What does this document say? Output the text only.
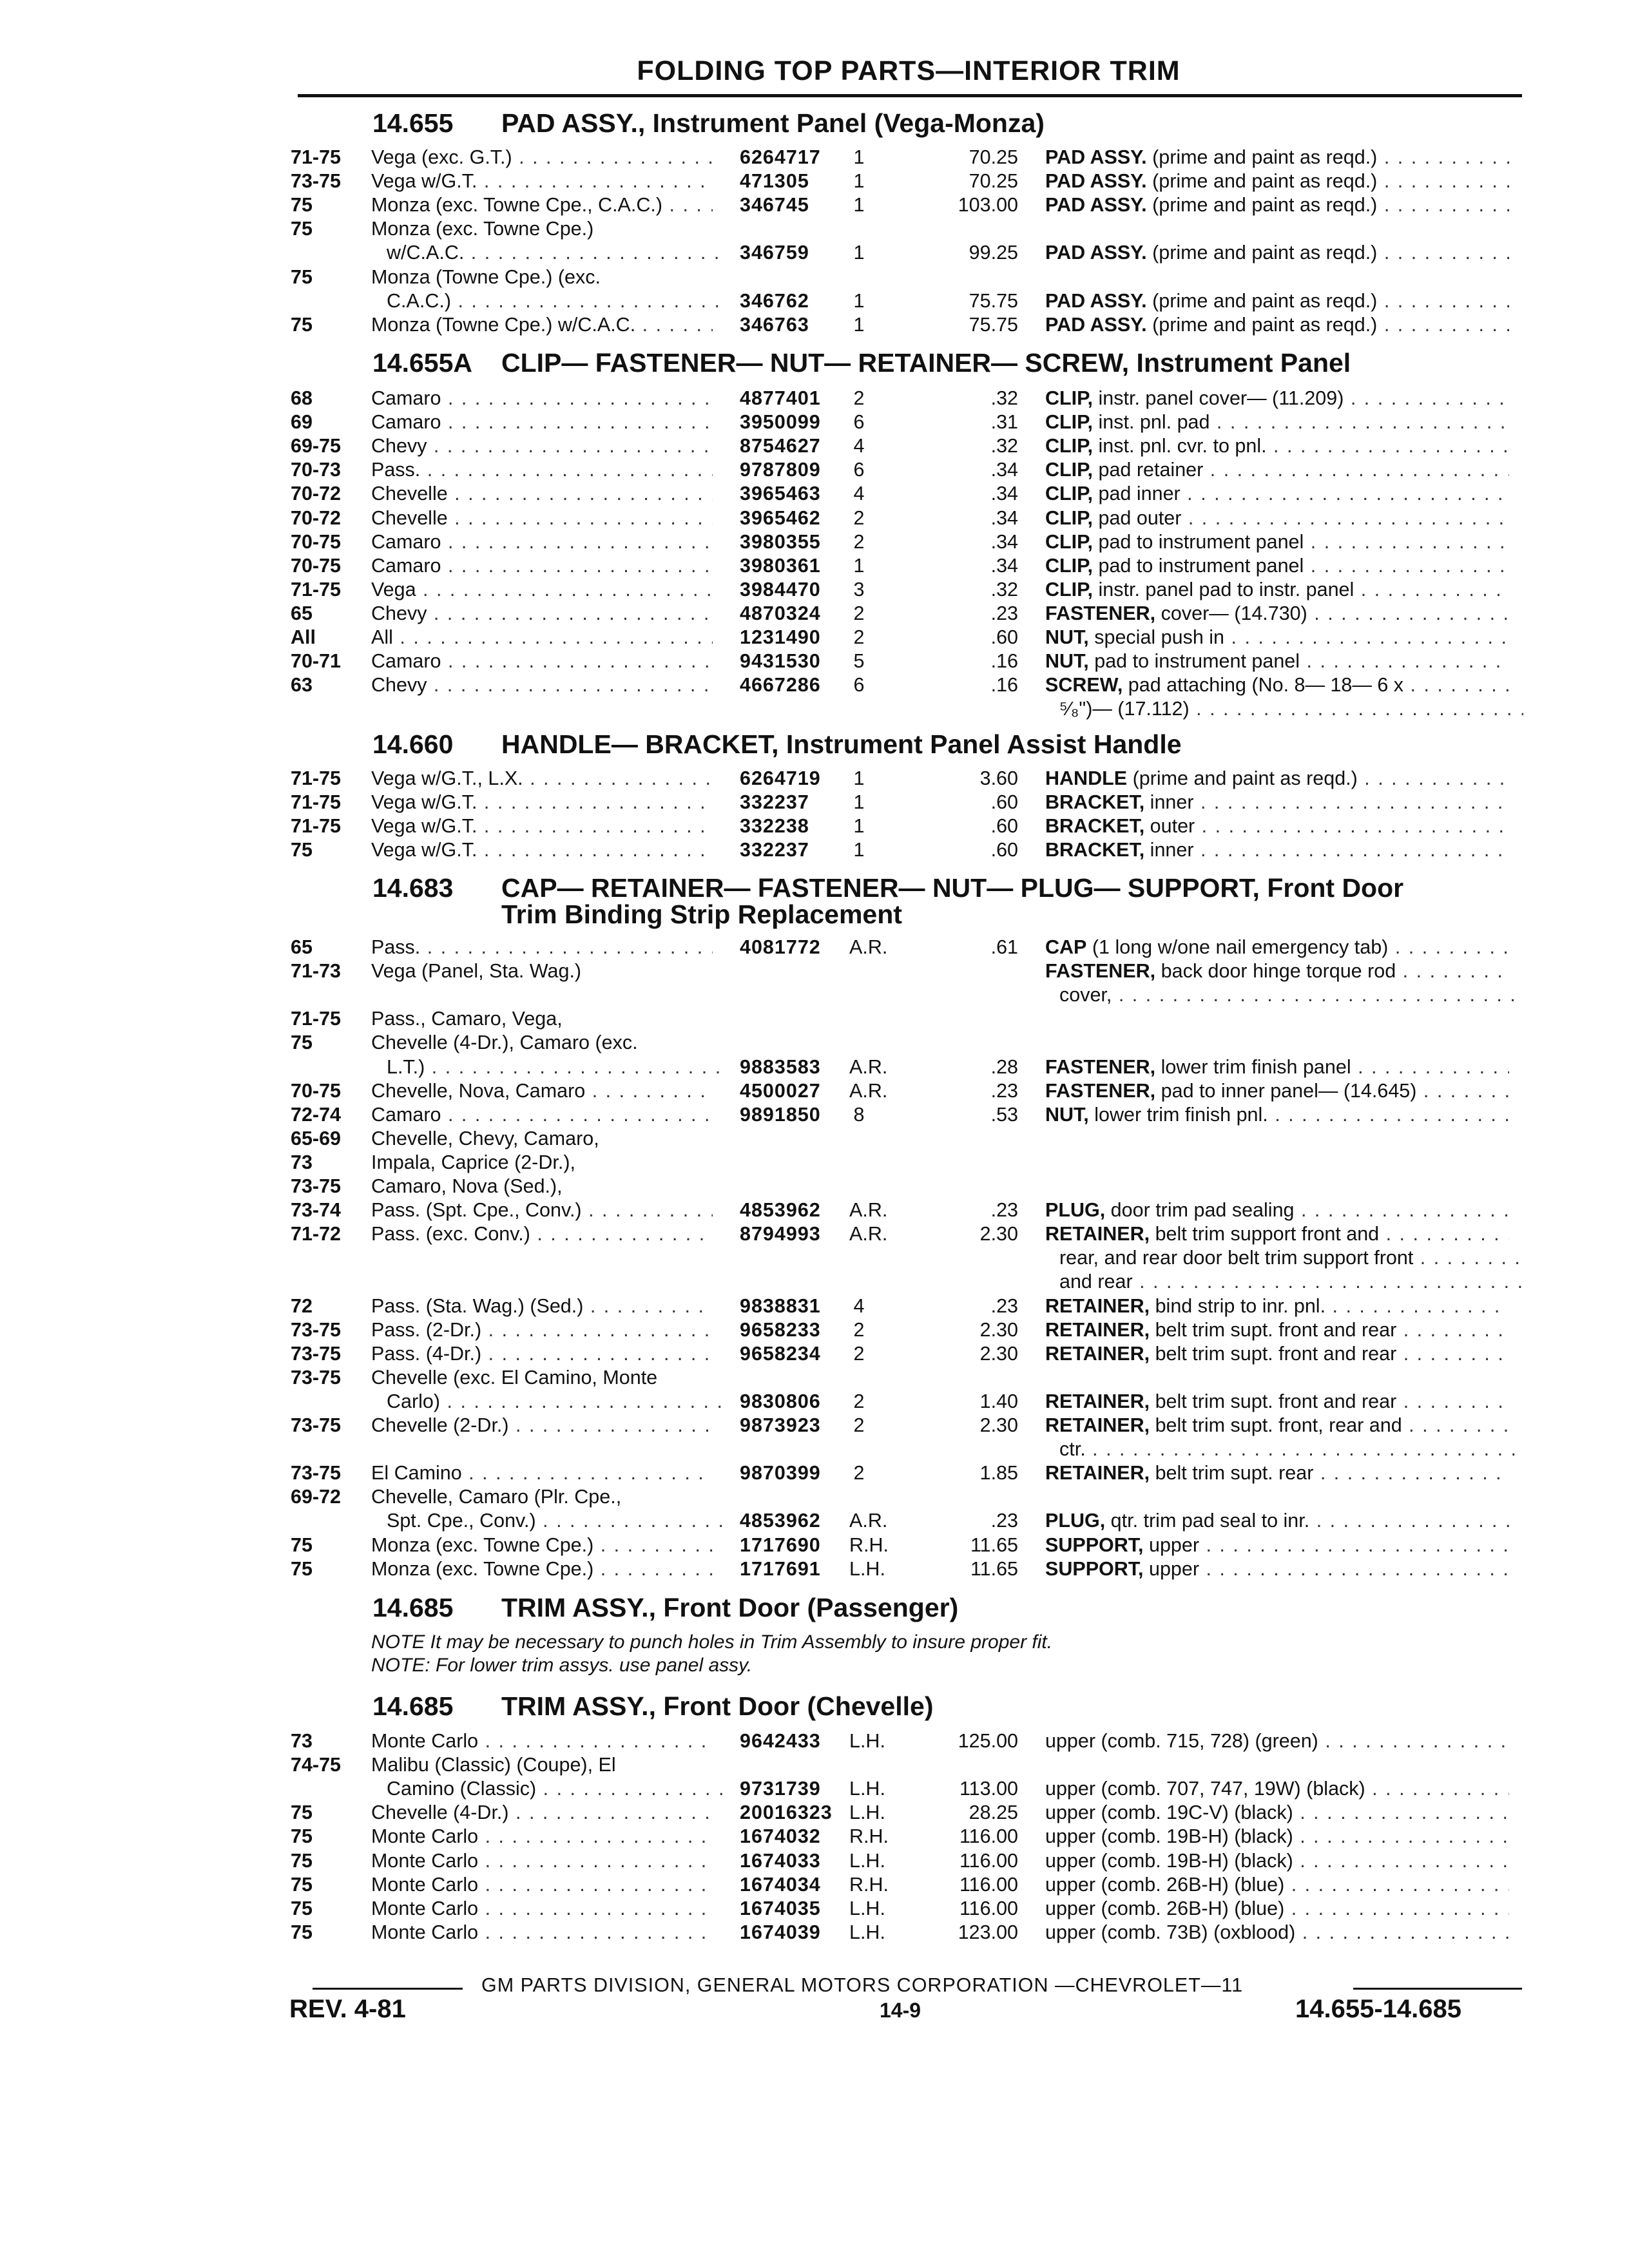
FOLDING TOP PARTS—INTERIOR TRIM
14.655 PAD ASSY., Instrument Panel (Vega-Monza)
71-75 Vega (exc. G.T.) . . .	6264717	1	70.25 PAD ASSY. (prime and paint as reqd.) . . .
73-75 Vega w/G.T. . . .	471305	1	70.25 PAD ASSY. (prime and paint as reqd.) . . .
75	Monza (exc. Towne Cpe., C.A.C.) . . .	346745	1	103.00 PAD ASSY. (prime and paint as reqd.) . . .
75	Monza (exc. Towne Cpe.)
w/C.A.C. . . .	346759	1	99.25 PAD ASSY. (prime and paint as reqd.) . . .
75	Monza (Towne Cpe.) (exc.
C.A.C.) . . .	346762	1	75.75 PAD ASSY. (prime and paint as reqd.) . . .
75	Monza (Towne Cpe.) w/C.A.C. . . .	346763	1	75.75 PAD ASSY. (prime and paint as reqd.) . . .
14.655A CLIP— FASTENER— NUT— RETAINER— SCREW, Instrument Panel
68	Camaro . . .	4877401	2	.32 CLIP, instr. panel cover— (11.209) . . .
69	Camaro . . .	3950099	6	.31 CLIP, inst. pnl. pad . . .
69-75 Chevy . . .	8754627	4	.32 CLIP, inst. pnl. cvr. to pnl. . . .
70-73 Pass. . . .	9787809	6	.34 CLIP, pad retainer . . .
70-72 Chevelle . . .	3965463	4	.34 CLIP, pad inner . . .
70-72 Chevelle . . .	3965462	2	.34 CLIP, pad outer . . .
70-75 Camaro . . .	3980355	2	.34 CLIP, pad to instrument panel . . .
70-75 Camaro . . .	3980361	1	.34 CLIP, pad to instrument panel . . .
71-75 Vega . . .	3984470	3	.32 CLIP, instr. panel pad to instr. panel . . .
65	Chevy . . .	4870324	2	.23 FASTENER, cover— (14.730) . . .
All	All . . .	1231490	2	.60 NUT, special push in . . .
70-71 Camaro . . .	9431530	5	.16 NUT, pad to instrument panel . . .
63	Chevy . . .	4667286	6	.16 SCREW, pad attaching (No. 8— 18— 6 x . . .
⁵⁄₈")— (17.112) . . .
14.660 HANDLE— BRACKET, Instrument Panel Assist Handle
71-75 Vega w/G.T., L.X. . . .	6264719	1	3.60 HANDLE (prime and paint as reqd.) . . .
71-75 Vega w/G.T. . . .	332237	1	.60 BRACKET, inner . . .
71-75 Vega w/G.T. . . .	332238	1	.60 BRACKET, outer . . .
75	Vega w/G.T. . . .	332237	1	.60 BRACKET, inner . . .
14.683 CAP— RETAINER— FASTENER— NUT— PLUG— SUPPORT, Front Door
Trim Binding Strip Replacement
65	Pass. . . .	4081772 A.R.	.61 CAP (1 long w/one nail emergency tab) . . .
71-73 Vega (Panel, Sta. Wag.)	FASTENER, back door hinge torque rod . . .
cover, . . .
71-75 Pass., Camaro, Vega,
75	Chevelle (4-Dr.), Camaro (exc.
L.T.) . . .	9883583 A.R.	.28 FASTENER, lower trim finish panel . . .
70-75 Chevelle, Nova, Camaro . . .	4500027 A.R.	.23 FASTENER, pad to inner panel— (14.645) . . .
72-74 Camaro . . .	9891850	8	.53 NUT, lower trim finish pnl. . . .
65-69 Chevelle, Chevy, Camaro,
73	Impala, Caprice (2-Dr.),
73-75 Camaro, Nova (Sed.),
73-74 Pass. (Spt. Cpe., Conv.) . . .	4853962 A.R.	.23 PLUG, door trim pad sealing . . .
71-72 Pass. (exc. Conv.) . . .	8794993 A.R.	2.30 RETAINER, belt trim support front and . . .
rear, and rear door belt trim support front . . .
and rear . . .
72	Pass. (Sta. Wag.) (Sed.) . . .	9838831	4	.23 RETAINER, bind strip to inr. pnl. . . .
73-75 Pass. (2-Dr.) . . .	9658233	2	2.30 RETAINER, belt trim supt. front and rear . . .
73-75 Pass. (4-Dr.) . . .	9658234	2	2.30 RETAINER, belt trim supt. front and rear . . .
73-75 Chevelle (exc. El Camino, Monte
Carlo) . . .	9830806	2	1.40 RETAINER, belt trim supt. front and rear . . .
73-75 Chevelle (2-Dr.) . . .	9873923	2	2.30 RETAINER, belt trim supt. front, rear and . . .
ctr. . . .
73-75 El Camino . . .	9870399	2	1.85 RETAINER, belt trim supt. rear . . .
69-72 Chevelle, Camaro (Plr. Cpe.,
Spt. Cpe., Conv.) . . .	4853962 A.R.	.23 PLUG, qtr. trim pad seal to inr. . . .
75	Monza (exc. Towne Cpe.) . . .	1717690 R.H.	11.65 SUPPORT, upper . . .
75	Monza (exc. Towne Cpe.) . . .	1717691 L.H.	11.65 SUPPORT, upper . . .
14.685 TRIM ASSY., Front Door (Passenger)
NOTE It may be necessary to punch holes in Trim Assembly to insure proper fit.
NOTE: For lower trim assys. use panel assy.
14.685 TRIM ASSY., Front Door (Chevelle)
73	Monte Carlo . . .	9642433 L.H.	125.00 upper (comb. 715, 728) (green) . . .
74-75 Malibu (Classic) (Coupe), El
Camino (Classic) . . .	9731739 L.H.	113.00 upper (comb. 707, 747, 19W) (black) . . .
75	Chevelle (4-Dr.) . . .	20016323 L.H.	28.25 upper (comb. 19C-V) (black) . . .
75	Monte Carlo . . .	1674032 R.H.	116.00 upper (comb. 19B-H) (black) . . .
75	Monte Carlo . . .	1674033 L.H.	116.00 upper (comb. 19B-H) (black) . . .
75	Monte Carlo . . .	1674034 R.H.	116.00 upper (comb. 26B-H) (blue) . . .
75	Monte Carlo . . .	1674035 L.H.	116.00 upper (comb. 26B-H) (blue) . . .
75	Monte Carlo . . .	1674039 L.H.	123.00 upper (comb. 73B) (oxblood) . . .
GM PARTS DIVISION, GENERAL MOTORS CORPORATION —CHEVROLET—11
REV. 4-81	14-9	14.655-14.685
